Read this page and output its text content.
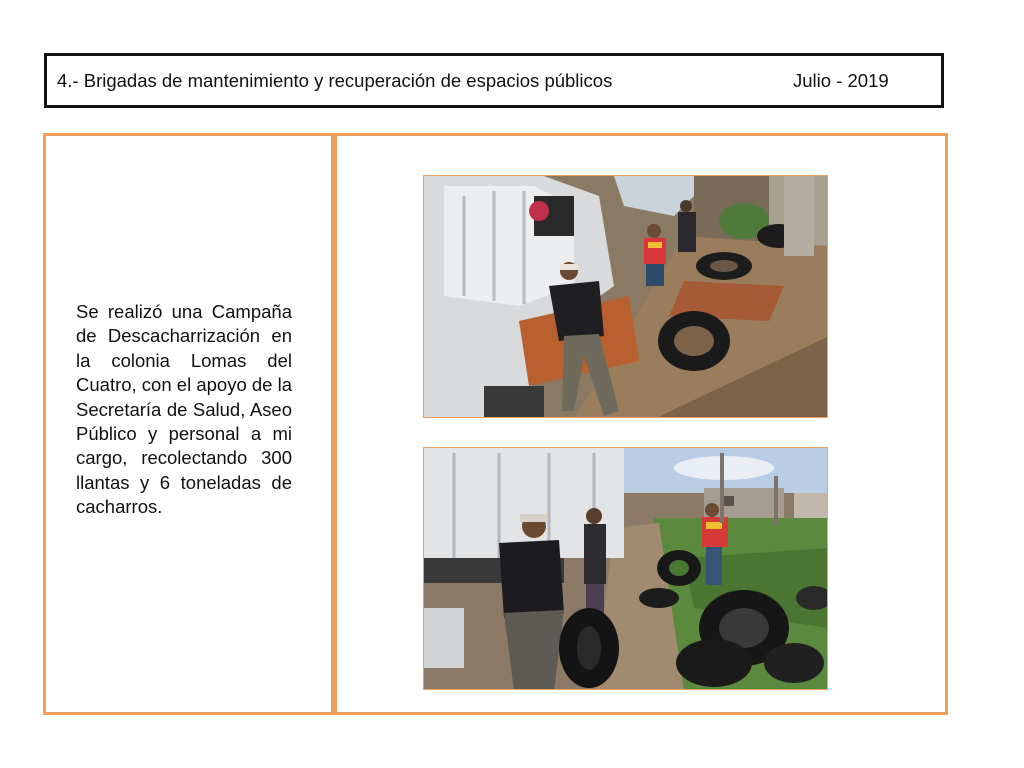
4.- Brigadas de mantenimiento y recuperación de espacios públicos	Julio - 2019
Se realizó una Campaña de Descacharrización en la colonia Lomas del Cuatro, con el apoyo de la Secretaría de Salud, Aseo Público y personal a mi cargo, recolectando 300 llantas y 6 toneladas de cacharros.
